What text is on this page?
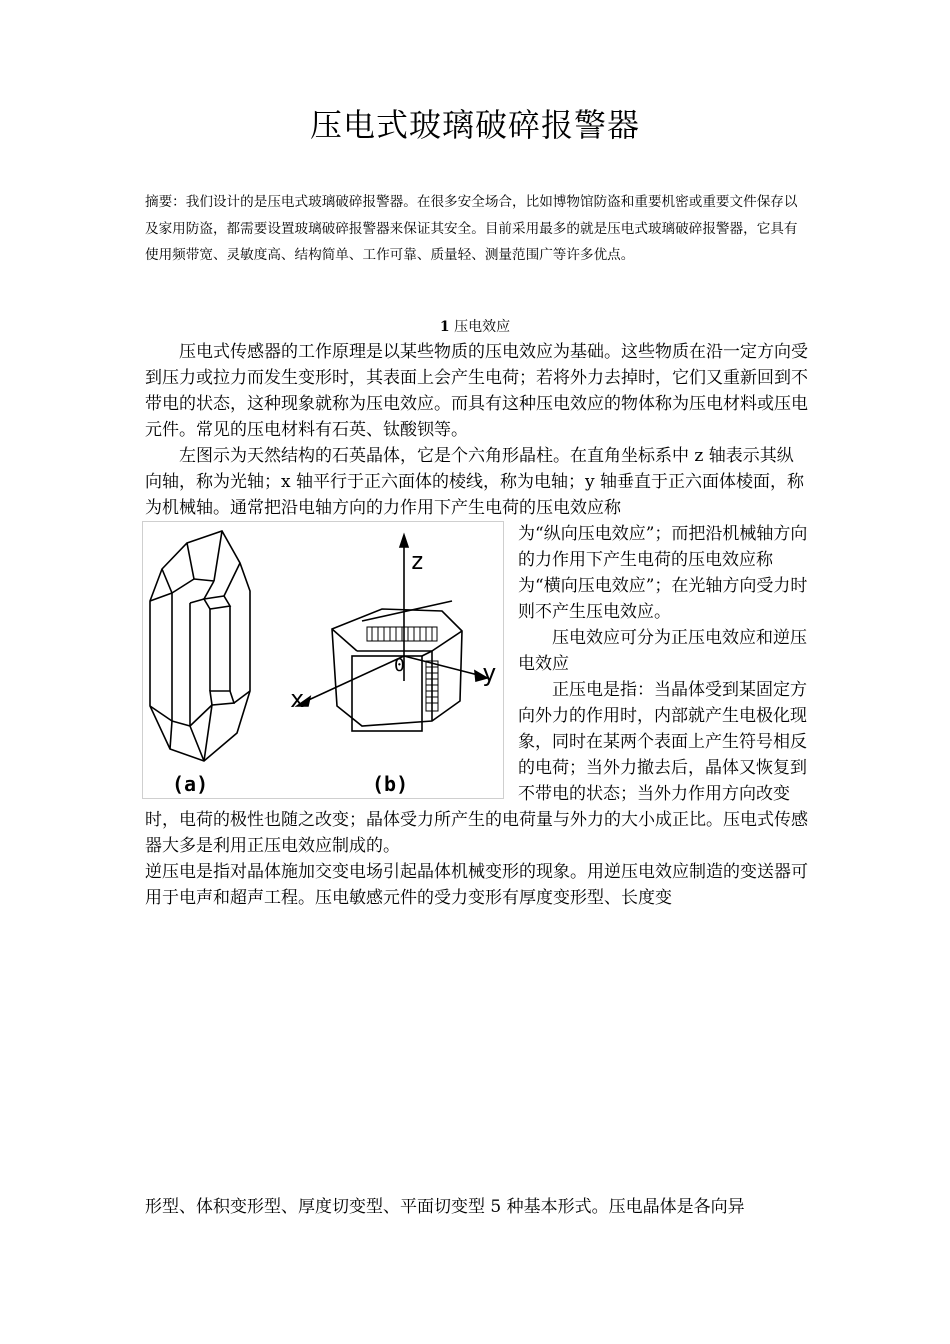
压电式玻璃破碎报警器

摘要：我们设计的是压电式玻璃破碎报警器。在很多安全场合，比如博物馆防盗和重要机密或重要文件保存以及家用防盗，都需要设置玻璃破碎报警器来保证其安全。目前采用最多的就是压电式玻璃破碎报警器，它具有使用频带宽、灵敏度高、结构简单、工作可靠、质量轻、测量范围广等许多优点。

1 压电效应

压电式传感器的工作原理是以某些物质的压电效应为基础。这些物质在沿一定方向受到压力或拉力而发生变形时，其表面上会产生电荷；若将外力去掉时，它们又重新回到不带电的状态，这种现象就称为压电效应。而具有这种压电效应的物体称为压电材料或压电元件。常见的压电材料有石英、钛酸钡等。

左图示为天然结构的石英晶体，它是个六角形晶柱。在直角坐标系中 z 轴表示其纵向轴，称为光轴；x 轴平行于正六面体的棱线，称为电轴；y 轴垂直于正六面体棱面，称为机械轴。通常把沿电轴方向的力作用下产生电荷的压电效应称

(a)
z
x
y
0
(b)

为“纵向压电效应”；而把沿机械轴方向的力作用下产生电荷的压电效应称为“横向压电效应”；在光轴方向受力时则不产生压电效应。

压电效应可分为正压电效应和逆压电效应

正压电是指：当晶体受到某固定方向外力的作用时，内部就产生电极化现象，同时在某两个表面上产生符号相反的电荷；当外力撤去后，晶体又恢复到不带电的状态；当外力作用方向改变时，电荷的极性也随之改变；晶体受力所产生的电荷量与外力的大小成正比。压电式传感器大多是利用正压电效应制成的。

逆压电是指对晶体施加交变电场引起晶体机械变形的现象。用逆压电效应制造的变送器可用于电声和超声工程。压电敏感元件的受力变形有厚度变形型、长度变

形型、体积变形型、厚度切变型、平面切变型 5 种基本形式。压电晶体是各向异
